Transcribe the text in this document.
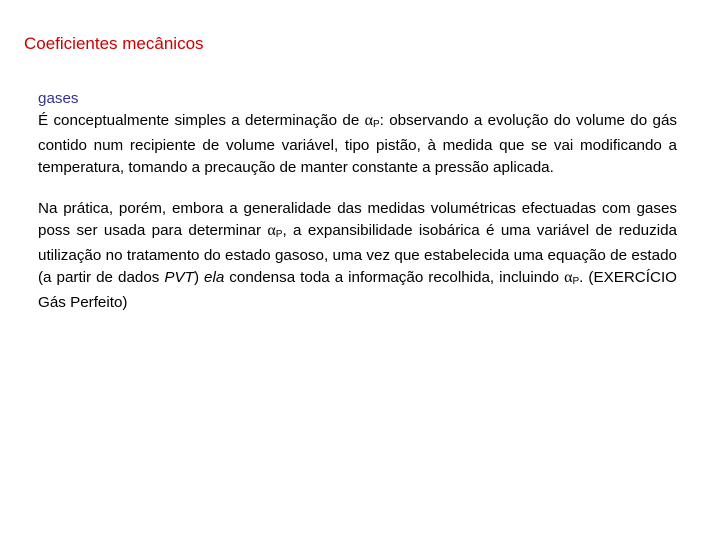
Coeficientes mecânicos

gases
É conceptualmente simples a determinação de $\alpha_P$: observando a evolução do volume do gás contido num recipiente de volume variável, tipo pistão, à medida que se vai modificando a temperatura, tomando a precaução de manter constante a pressão aplicada.

Na prática, porém, embora a generalidade das medidas volumétricas efectuadas com gases poss ser usada para determinar $\alpha_P$, a expansibilidade isobárica é uma variável de reduzida utilização no tratamento do estado gasoso, uma vez que estabelecida uma equação de estado (a partir de dados PVT) ela condensa toda a informação recolhida, incluindo $\alpha_P$. (EXERCÍCIO Gás Perfeito)
